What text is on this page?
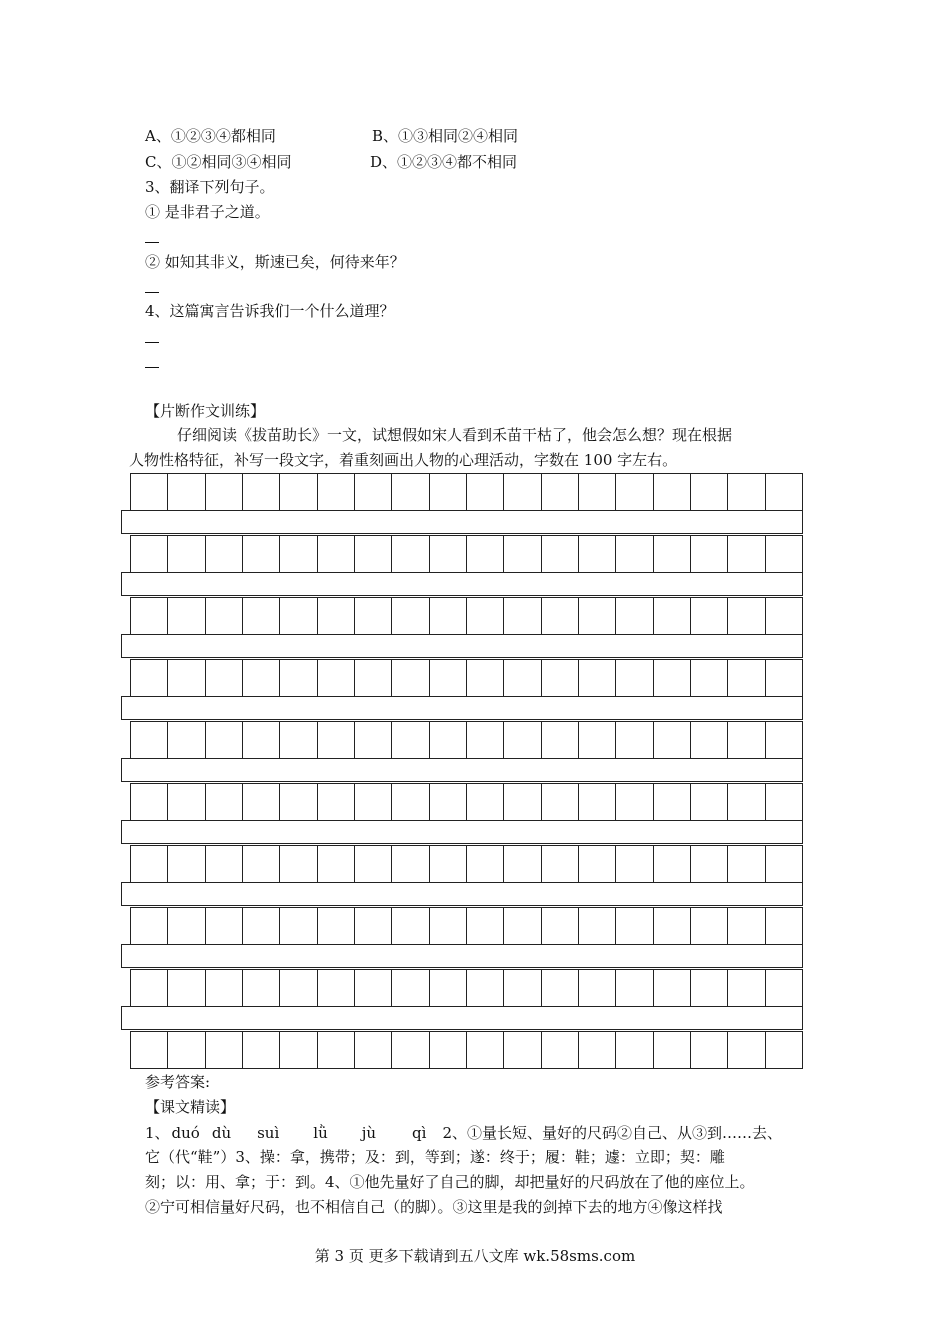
A、①②③④都相同	B、①③相同②④相同
C、①②相同③④相同	D、①②③④都不相同
3、翻译下列句子。
① 是非君子之道。
② 如知其非义，斯速已矣，何待来年？
4、这篇寓言告诉我们一个什么道理？
【片断作文训练】
仔细阅读《拔苗助长》一文，试想假如宋人看到禾苗干枯了，他会怎么想？现在根据
人物性格特征，补写一段文字，着重刻画出人物的心理活动，字数在 100 字左右。
参考答案:
【课文精读】
1、 duó dù suì lǜ jù qì 2、①量长短、量好的尺码②自己、从③到……去、
它（代“鞋”）3、操：拿，携带；及：到，等到；遂：终于；履：鞋；遽：立即；契：雕
刻；以：用、拿；于：到。4、①他先量好了自己的脚，却把量好的尺码放在了他的座位上。
②宁可相信量好尺码，也不相信自己（的脚）。③这里是我的剑掉下去的地方④像这样找
第 3 页 更多下载请到五八文库 wk.58sms.com
